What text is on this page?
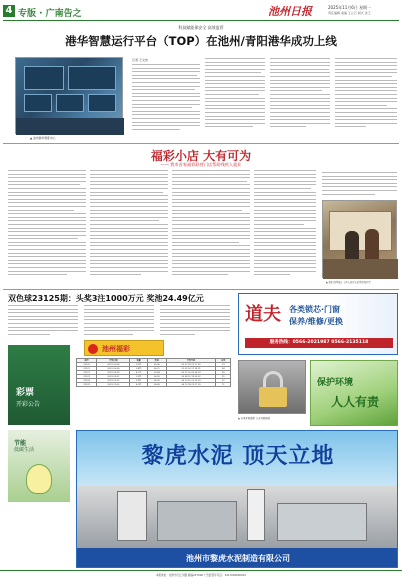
4 专版 · 广南告之	池州日报	2025年11月6日 星期一
责任编辑 美编 王立石 版式 沈王
科技赋能保安全 高效监管
港华智慧运行平台（TOP）在池州/青阳港华成功上线
▲ 池州港华调度中心
记者 王文伟
福彩小店 大有可为
—— 我市首家福彩联营门店帮助残疾人就业
▲ 福彩销售网点 工作人员正在销售福利彩票
双色球23125期：头奖3注1000万元 奖池24.49亿元
池州福彩
彩票
开彩公告
节能
低碳生活
期号	开奖日期	销量	奖池	开奖号码	头奖
23120	2023-10-24	3.9亿	24.36	02 07 18 22 27 30	13
23121	2023-10-26	3.8亿	24.21	01 09 14 17 28 31	04
23122	2023-10-29	4.1亿	23.98	05 11 16 20 24 33	09
23123	2023-10-31	3.9亿	24.05	03 08 12 19 26 32	15
23124	2023-11-02	3.8亿	24.30	06 10 15 21 25 29	07
23125	2023-11-05	4.0亿	24.49	04 13 18 23 27 30	11
道夫 各类锁芯·门窗
保养/维修/更换
服务热线：0566-2021987 0566-2135118
▲ 各类开锁服务 专业开锁换锁
保护环境
人人有责
黎虎水泥 顶天立地
池州市黎虎水泥制造有限公司
本报地址：池州市长江中路 邮编247000 广告经营许可证：3417004000001
